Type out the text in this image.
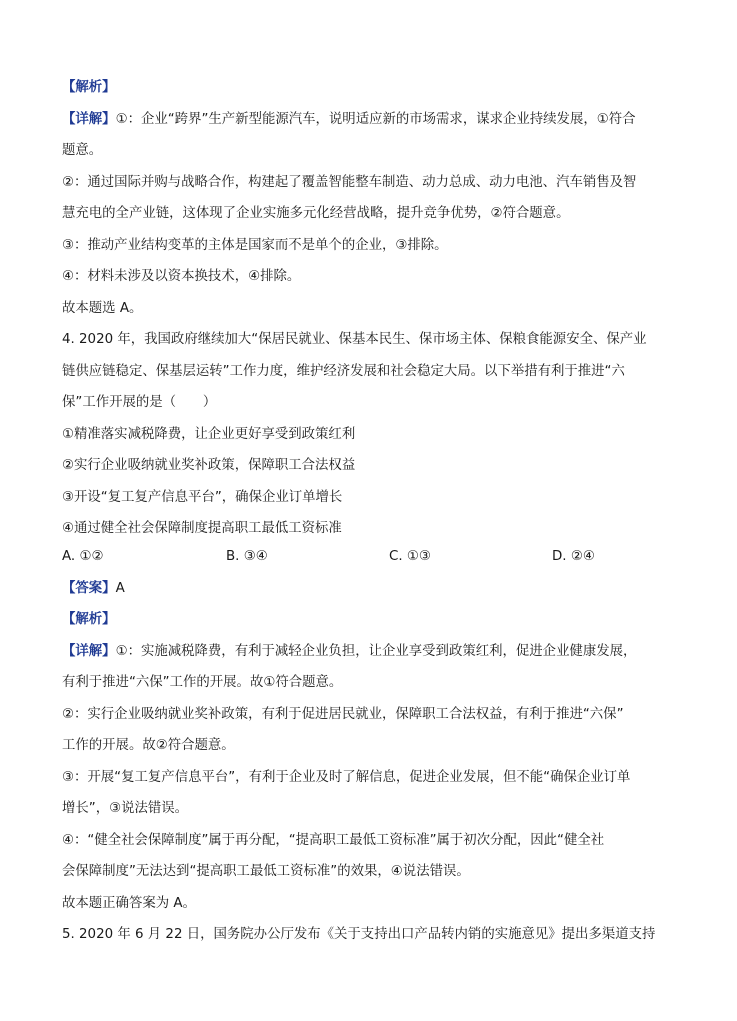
【解析】
【详解】①：企业“跨界”生产新型能源汽车，说明适应新的市场需求，谋求企业持续发展，①符合
题意。
②：通过国际并购与战略合作，构建起了覆盖智能整车制造、动力总成、动力电池、汽车销售及智
慧充电的全产业链，这体现了企业实施多元化经营战略，提升竞争优势，②符合题意。
③：推动产业结构变革的主体是国家而不是单个的企业，③排除。
④：材料未涉及以资本换技术，④排除。
故本题选 A。
4. 2020 年，我国政府继续加大“保居民就业、保基本民生、保市场主体、保粮食能源安全、保产业
链供应链稳定、保基层运转”工作力度，维护经济发展和社会稳定大局。以下举措有利于推进“六
保”工作开展的是（　　）
①精准落实减税降费，让企业更好享受到政策红利
②实行企业吸纳就业奖补政策，保障职工合法权益
③开设“复工复产信息平台”，确保企业订单增长
④通过健全社会保障制度提高职工最低工资标准
A. ①②	B. ③④	C. ①③	D. ②④
【答案】A
【解析】
【详解】①：实施减税降费，有利于减轻企业负担，让企业享受到政策红利，促进企业健康发展，
有利于推进“六保”工作的开展。故①符合题意。
②：实行企业吸纳就业奖补政策，有利于促进居民就业，保障职工合法权益，有利于推进“六保”
工作的开展。故②符合题意。
③：开展“复工复产信息平台”，有利于企业及时了解信息，促进企业发展，但不能“确保企业订单
增长”，③说法错误。
④：“健全社会保障制度”属于再分配，“提高职工最低工资标准”属于初次分配，因此“健全社
会保障制度”无法达到“提高职工最低工资标准”的效果，④说法错误。
故本题正确答案为 A。
5. 2020 年 6 月 22 日，国务院办公厅发布《关于支持出口产品转内销的实施意见》提出多渠道支持
